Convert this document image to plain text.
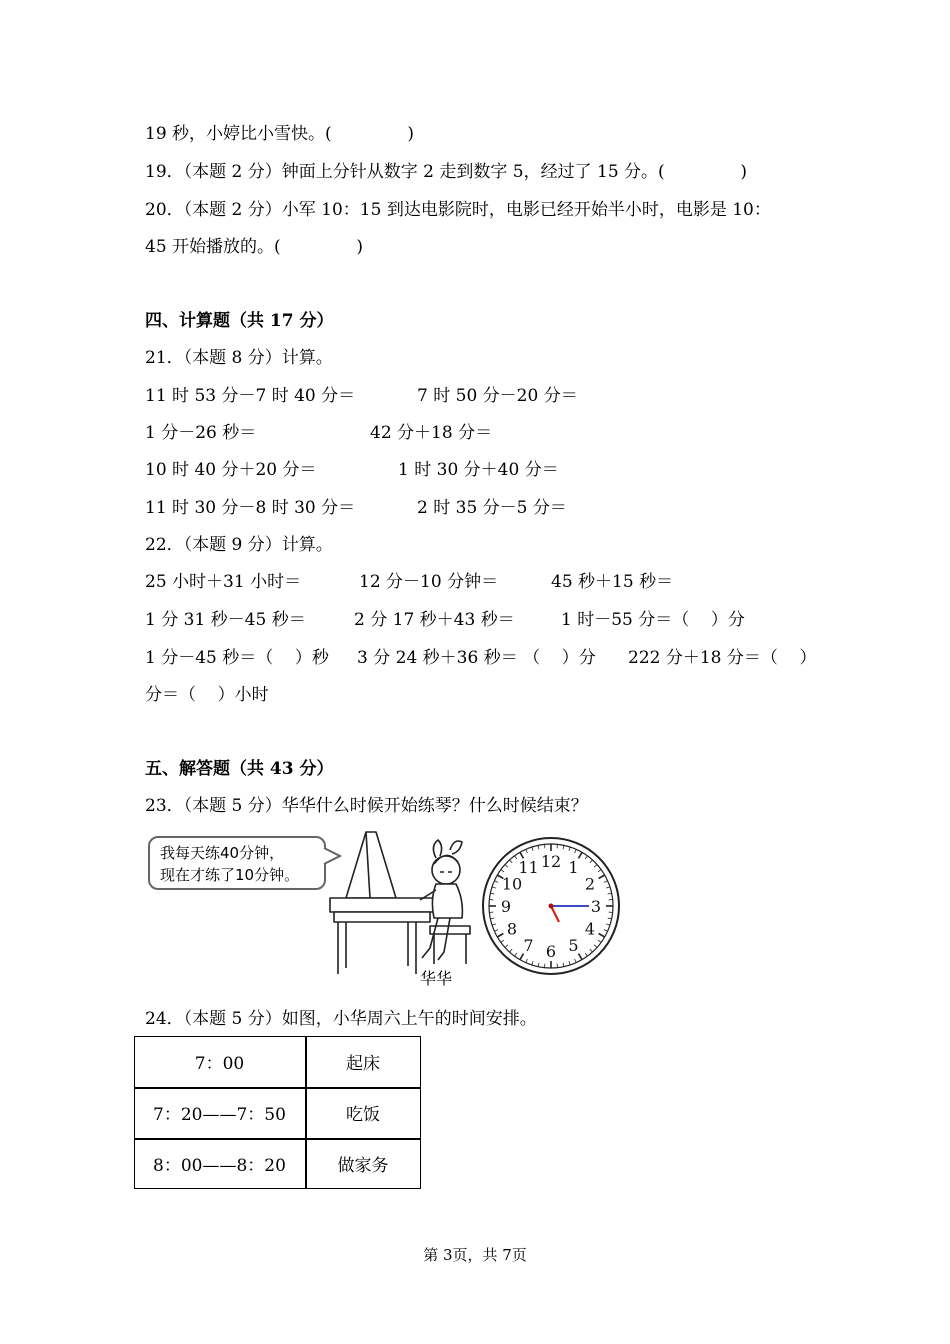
19 秒，小婷比小雪快。(              )
19．（本题 2 分）钟面上分针从数字 2 走到数字 5，经过了 15 分。(              )
20．（本题 2 分）小军 10：15 到达电影院时，电影已经开始半小时，电影是 10：
45 开始播放的。(              )
四、计算题（共 17 分）
21．（本题 8 分）计算。
11 时 53 分－7 时 40 分＝	7 时 50 分－20 分＝
1 分－26 秒＝	42 分＋18 分＝
10 时 40 分＋20 分＝	1 时 30 分＋40 分＝
11 时 30 分－8 时 30 分＝	2 时 35 分－5 分＝
22．（本题 9 分）计算。
25 小时＋31 小时＝	12 分－10 分钟＝	45 秒＋15 秒＝
1 分 31 秒－45 秒＝	2 分 17 秒＋43 秒＝	1 时－55 分＝（    ）分
1 分－45 秒＝（    ）秒 3 分 24 秒＋36 秒＝ （    ）分 222 分＋18 分＝（    ）
分＝（    ）小时
五、解答题（共 43 分）
23．（本题 5 分）华华什么时候开始练琴？什么时候结束？
我每天练40分钟，
现在才练了10分钟。
华华
12 1
2
3
4
5
6
7
8
9
10
11
24．（本题 5 分）如图，小华周六上午的时间安排。
7：00	起床
7：20——7：50	吃饭
8：00——8：20	做家务
第 3页，共 7页
